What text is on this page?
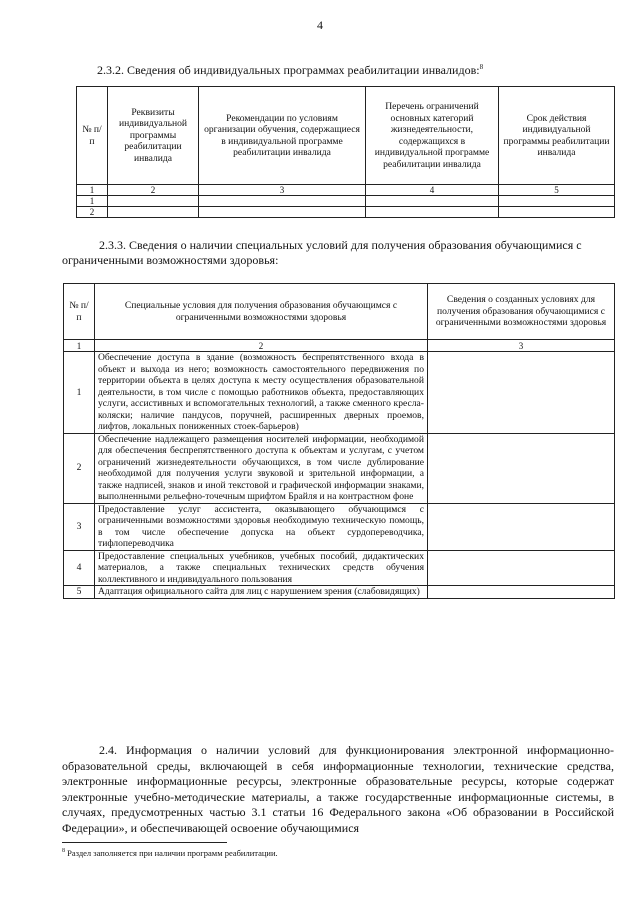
4
2.3.2. Сведения об индивидуальных программах реабилитации инвалидов:$^8$
№ п/п	Реквизиты индивидуальной программы реабилитации инвалида	Рекомендации по условиям организации обучения, содержащиеся в индивидуальной программе реабилитации инвалида	Перечень ограничений основных категорий жизнедеятельности, содержащихся в индивидуальной программе реабилитации инвалида	Срок действия индивидуальной программы реабилитации инвалида
1	2	3	4	5
1				
2				
2.3.3. Сведения о наличии специальных условий для получения образования обучающимися с ограниченными возможностями здоровья:
№ п/п	Специальные условия для получения образования обучающимся с ограниченными возможностями здоровья	Сведения о созданных условиях для получения образования обучающимися с ограниченными возможностями здоровья
1	2	3
1	Обеспечение доступа в здание (возможность беспрепятственного входа в объект и выхода из него; возможность самостоятельного передвижения по территории объекта в целях доступа к месту осуществления образовательной деятельности, в том числе с помощью работников объекта, предоставляющих услуги, ассистивных и вспомогательных технологий, а также сменного кресла-коляски; наличие пандусов, поручней, расширенных дверных проемов, лифтов, локальных пониженных стоек-барьеров)	
2	Обеспечение надлежащего размещения носителей информации, необходимой для обеспечения беспрепятственного доступа к объектам и услугам, с учетом ограничений жизнедеятельности обучающихся, в том числе дублирование необходимой для получения услуги звуковой и зрительной информации, а также надписей, знаков и иной текстовой и графической информации знаками, выполненными рельефно-точечным шрифтом Брайля и на контрастном фоне	
3	Предоставление услуг ассистента, оказывающего обучающимся с ограниченными возможностями здоровья необходимую техническую помощь, в том числе обеспечение допуска на объект сурдопереводчика, тифлопереводчика	
4	Предоставление специальных учебников, учебных пособий, дидактических материалов, а также специальных технических средств обучения коллективного и индивидуального пользования	
5	Адаптация официального сайта для лиц с нарушением зрения (слабовидящих)	
2.4. Информация о наличии условий для функционирования электронной информационно-образовательной среды, включающей в себя информационные технологии, технические средства, электронные информационные ресурсы, электронные образовательные ресурсы, которые содержат электронные учебно-методические материалы, а также государственные информационные системы, в случаях, предусмотренных частью 3.1 статьи 16 Федерального закона «Об образовании в Российской Федерации», и обеспечивающей освоение обучающимися
$^8$ Раздел заполняется при наличии программ реабилитации.
